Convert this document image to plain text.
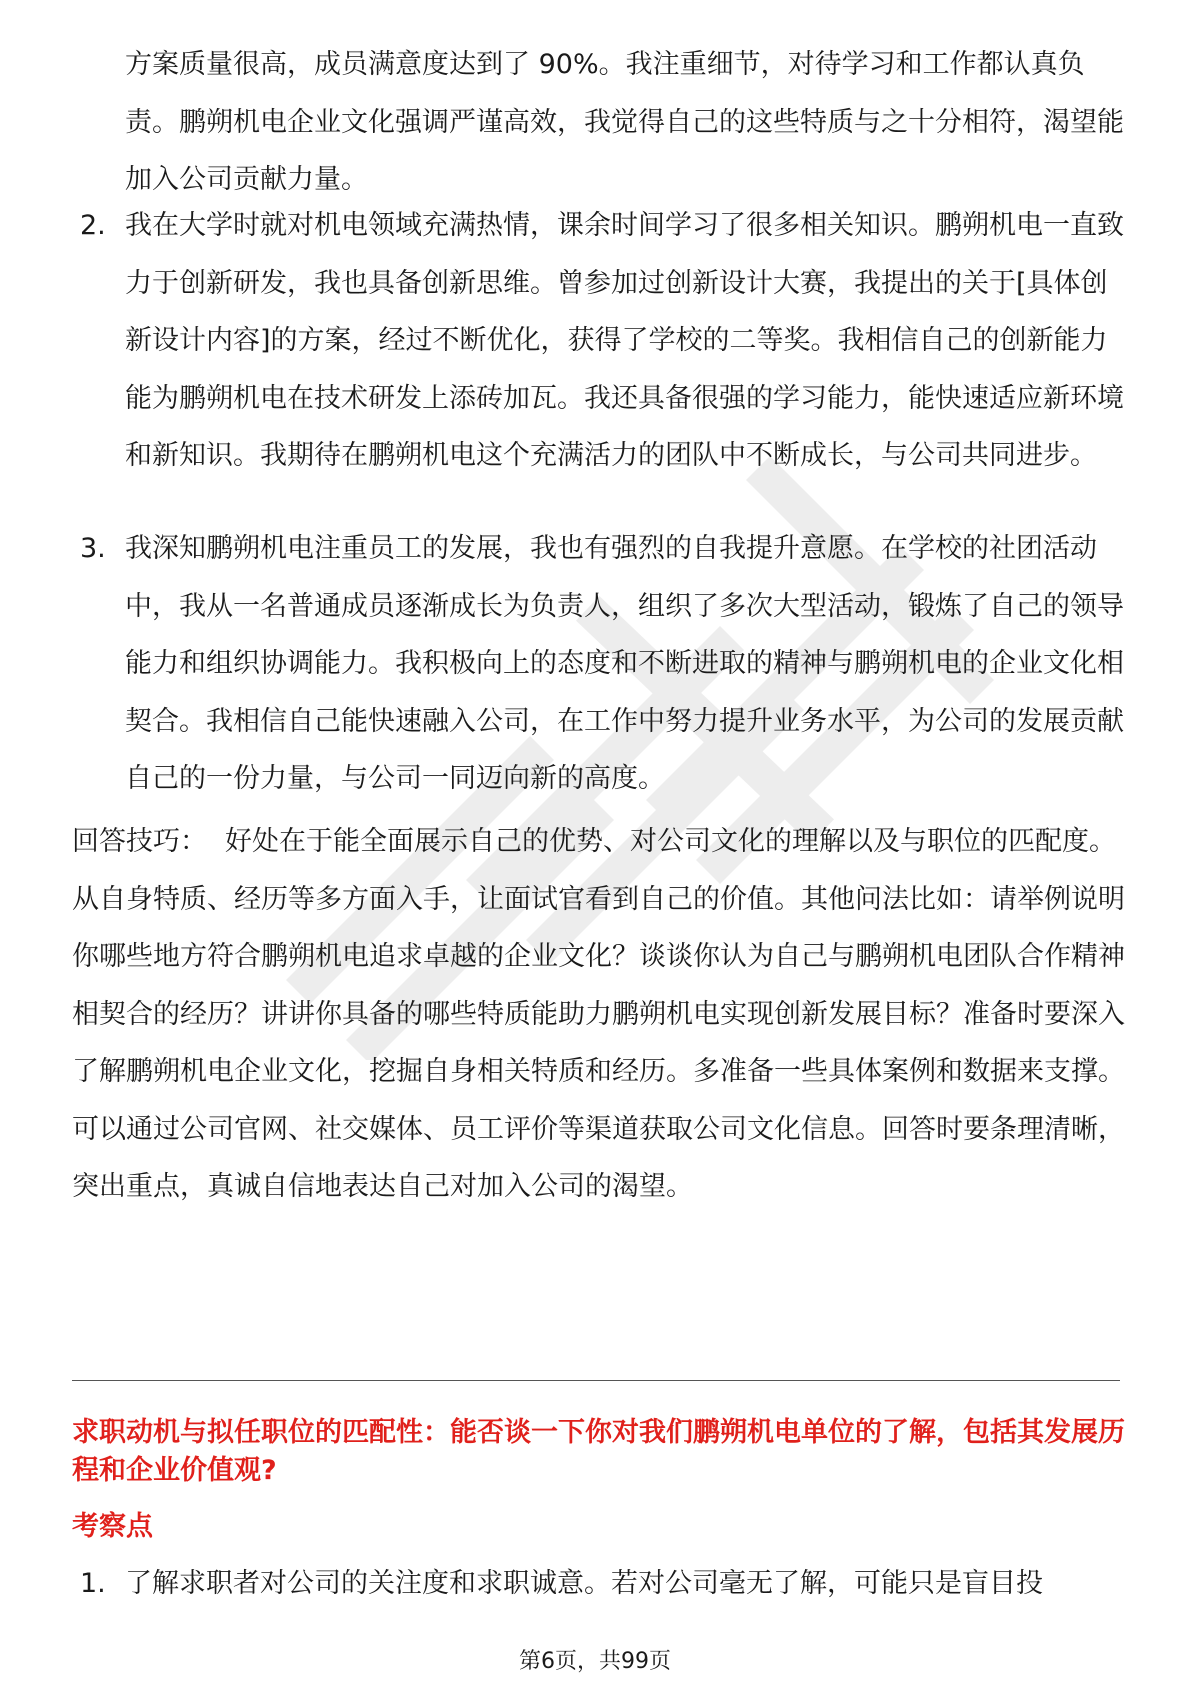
方案质量很高，成员满意度达到了 90%。我注重细节，对待学习和工作都认真负责。鹏朔机电企业文化强调严谨高效，我觉得自己的这些特质与之十分相符，渴望能加入公司贡献力量。
2. 我在大学时就对机电领域充满热情，课余时间学习了很多相关知识。鹏朔机电一直致力于创新研发，我也具备创新思维。曾参加过创新设计大赛，我提出的关于[具体创新设计内容]的方案，经过不断优化，获得了学校的二等奖。我相信自己的创新能力能为鹏朔机电在技术研发上添砖加瓦。我还具备很强的学习能力，能快速适应新环境和新知识。我期待在鹏朔机电这个充满活力的团队中不断成长，与公司共同进步。
3. 我深知鹏朔机电注重员工的发展，我也有强烈的自我提升意愿。在学校的社团活动中，我从一名普通成员逐渐成长为负责人，组织了多次大型活动，锻炼了自己的领导能力和组织协调能力。我积极向上的态度和不断进取的精神与鹏朔机电的企业文化相契合。我相信自己能快速融入公司，在工作中努力提升业务水平，为公司的发展贡献自己的一份力量，与公司一同迈向新的高度。
回答技巧： 好处在于能全面展示自己的优势、对公司文化的理解以及与职位的匹配度。从自身特质、经历等多方面入手，让面试官看到自己的价值。其他问法比如：请举例说明你哪些地方符合鹏朔机电追求卓越的企业文化？谈谈你认为自己与鹏朔机电团队合作精神相契合的经历？讲讲你具备的哪些特质能助力鹏朔机电实现创新发展目标？准备时要深入了解鹏朔机电企业文化，挖掘自身相关特质和经历。多准备一些具体案例和数据来支撑。可以通过公司官网、社交媒体、员工评价等渠道获取公司文化信息。回答时要条理清晰，突出重点，真诚自信地表达自己对加入公司的渴望。
求职动机与拟任职位的匹配性：能否谈一下你对我们鹏朔机电单位的了解，包括其发展历程和企业价值观?
考察点
1. 了解求职者对公司的关注度和求职诚意。若对公司毫无了解，可能只是盲目投
第6页，共99页
